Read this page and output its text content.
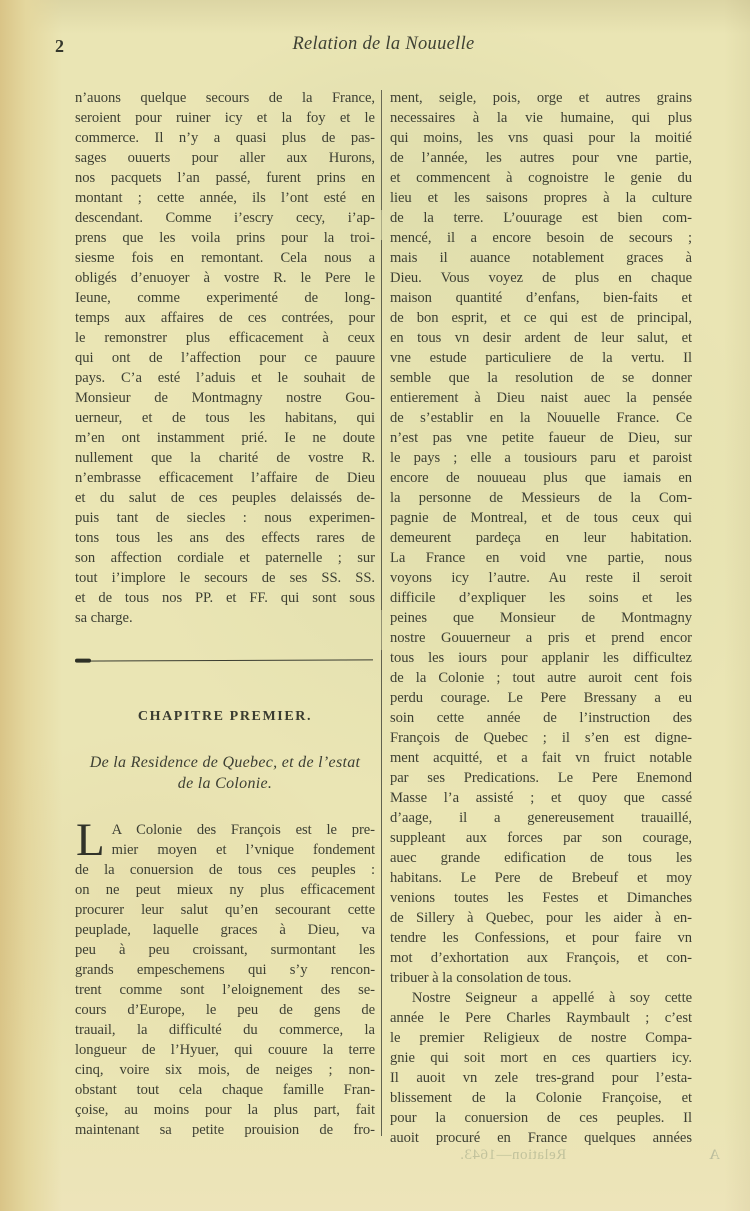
2	Relation de la Nouuelle
n’auons quelque secours de la France,
seroient pour ruiner icy et la foy et le
commerce. Il n’y a quasi plus de pas-
sages ouuerts pour aller aux Hurons,
nos pacquets l’an passé, furent prins en
montant ; cette année, ils l’ont esté en
descendant. Comme i’escry cecy, i’ap-
prens que les voila prins pour la troi-
siesme fois en remontant. Cela nous a
obligés d’enuoyer à vostre R. le Pere le
Ieune, comme experimenté de long-
temps aux affaires de ces contrées, pour
le remonstrer plus efficacement à ceux
qui ont de l’affection pour ce pauure
pays. C’a esté l’aduis et le souhait de
Monsieur de Montmagny nostre Gou-
uerneur, et de tous les habitans, qui
m’en ont instamment prié. Ie ne doute
nullement que la charité de vostre R.
n’embrasse efficacement l’affaire de Dieu
et du salut de ces peuples delaissés de-
puis tant de siecles : nous experimen-
tons tous les ans des effects rares de
son affection cordiale et paternelle ; sur
tout i’implore le secours de ses SS. SS.
et de tous nos PP. et FF. qui sont sous
sa charge.
CHAPITRE PREMIER.
De la Residence de Quebec, et de l’estat
de la Colonie.
L A Colonie des François est le pre-
mier moyen et l’vnique fondement
de la conuersion de tous ces peuples :
on ne peut mieux ny plus efficacement
procurer leur salut qu’en secourant cette
peuplade, laquelle graces à Dieu, va
peu à peu croissant, surmontant les
grands empeschemens qui s’y rencon-
trent comme sont l’eloignement des se-
cours d’Europe, le peu de gens de
trauail, la difficulté du commerce, la
longueur de l’Hyuer, qui couure la terre
cinq, voire six mois, de neiges ; non-
obstant tout cela chaque famille Fran-
çoise, au moins pour la plus part, fait
maintenant sa petite prouision de fro-
ment, seigle, pois, orge et autres grains
necessaires à la vie humaine, qui plus
qui moins, les vns quasi pour la moitié
de l’année, les autres pour vne partie,
et commencent à cognoistre le genie du
lieu et les saisons propres à la culture
de la terre. L’ouurage est bien com-
mencé, il a encore besoin de secours ;
mais il auance notablement graces à
Dieu. Vous voyez de plus en chaque
maison quantité d’enfans, bien-faits et
de bon esprit, et ce qui est de principal,
en tous vn desir ardent de leur salut, et
vne estude particuliere de la vertu. Il
semble que la resolution de se donner
entierement à Dieu naist auec la pensée
de s’establir en la Nouuelle France. Ce
n’est pas vne petite faueur de Dieu, sur
le pays ; elle a tousiours paru et paroist
encore de nouueau plus que iamais en
la personne de Messieurs de la Com-
pagnie de Montreal, et de tous ceux qui
demeurent pardeça en leur habitation.
La France en void vne partie, nous
voyons icy l’autre. Au reste il seroit
difficile d’expliquer les soins et les
peines que Monsieur de Montmagny
nostre Gouuerneur a pris et prend encor
tous les iours pour applanir les difficultez
de la Colonie ; tout autre auroit cent fois
perdu courage. Le Pere Bressany a eu
soin cette année de l’instruction des
François de Quebec ; il s’en est digne-
ment acquitté, et a fait vn fruict notable
par ses Predications. Le Pere Enemond
Masse l’a assisté ; et quoy que cassé
d’aage, il a genereusement trauaillé,
suppleant aux forces par son courage,
auec grande edification de tous les
habitans. Le Pere de Brebeuf et moy
venions toutes les Festes et Dimanches
de Sillery à Quebec, pour les aider à en-
tendre les Confessions, et pour faire vn
mot d’exhortation aux François, et con-
tribuer à la consolation de tous.
Nostre Seigneur a appellé à soy cette
année le Pere Charles Raymbault ; c’est
le premier Religieux de nostre Compa-
gnie qui soit mort en ces quartiers icy.
Il auoit vn zele tres-grand pour l’esta-
blissement de la Colonie Françoise, et
pour la conuersion de ces peuples. Il
auoit procuré en France quelques années
Relation—1643.	A
